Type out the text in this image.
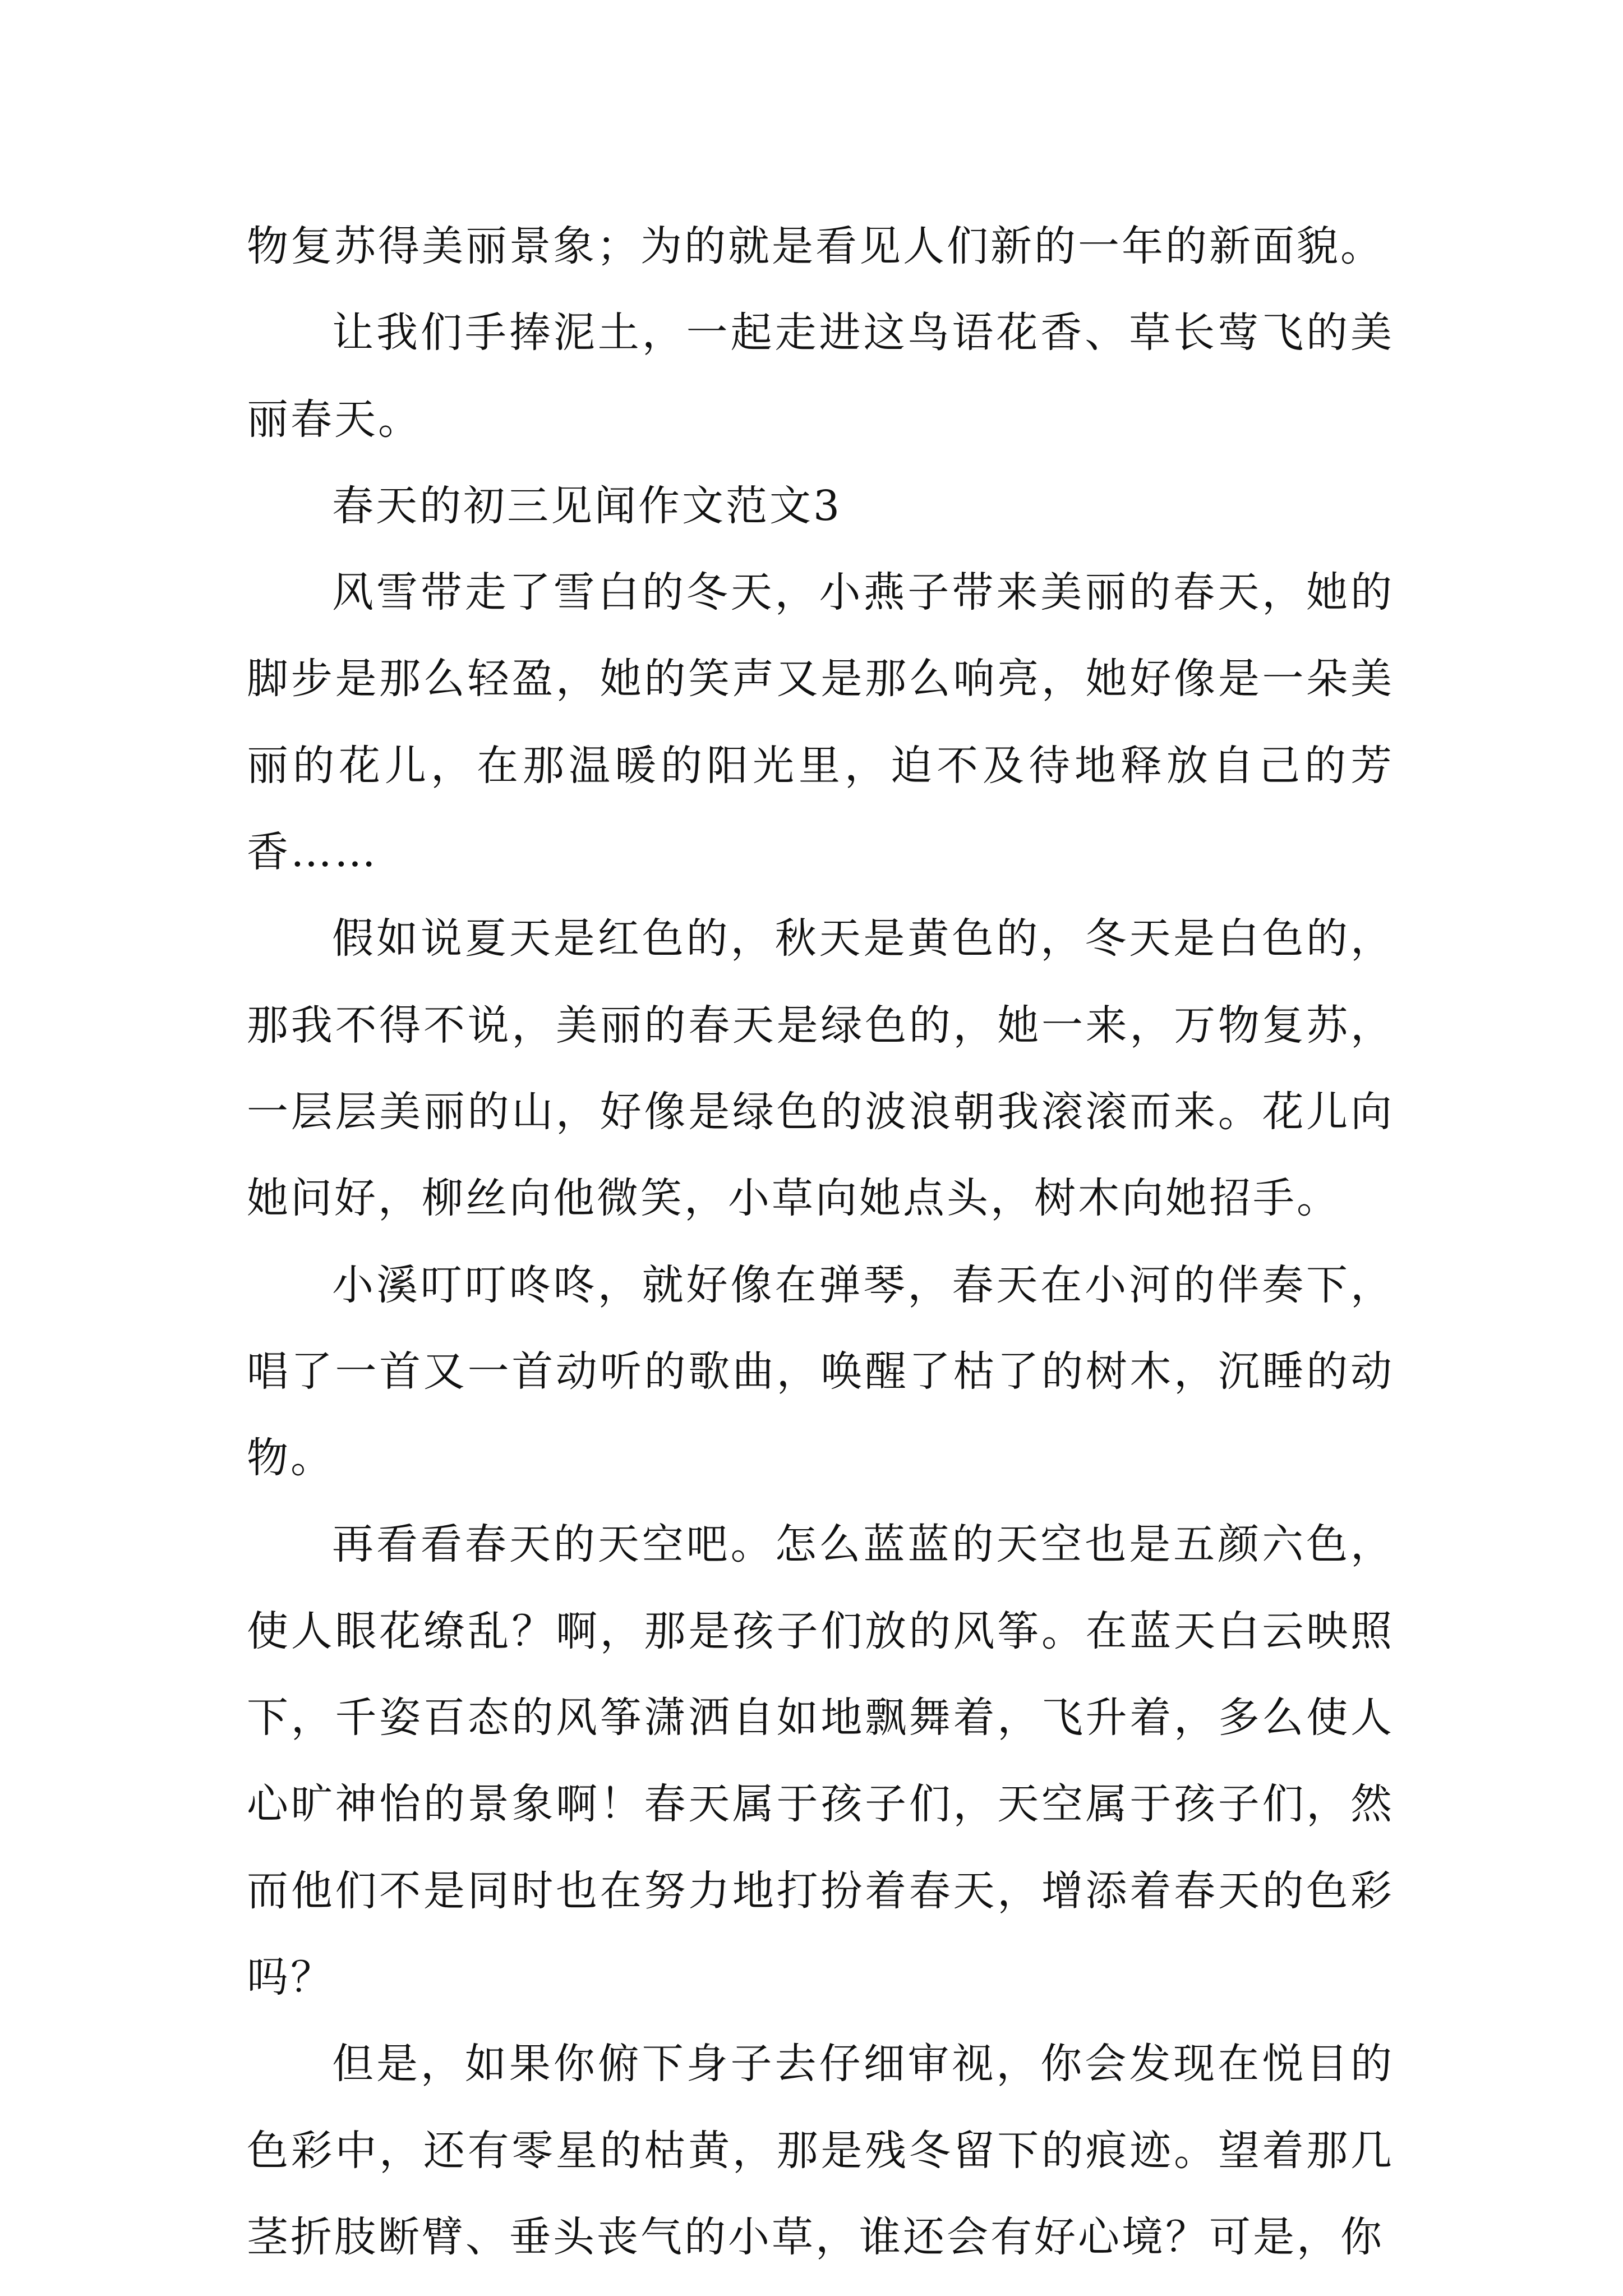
物复苏得美丽景象；为的就是看见人们新的一年的新面貌。

让我们手捧泥土，一起走进这鸟语花香、草长莺飞的美丽春天。

春天的初三见闻作文范文3

风雪带走了雪白的冬天，小燕子带来美丽的春天，她的脚步是那么轻盈，她的笑声又是那么响亮，她好像是一朵美丽的花儿，在那温暖的阳光里，迫不及待地释放自己的芳香……

假如说夏天是红色的，秋天是黄色的，冬天是白色的，那我不得不说，美丽的春天是绿色的，她一来，万物复苏，一层层美丽的山，好像是绿色的波浪朝我滚滚而来。花儿向她问好，柳丝向他微笑，小草向她点头，树木向她招手。

小溪叮叮咚咚，就好像在弹琴，春天在小河的伴奏下，唱了一首又一首动听的歌曲，唤醒了枯了的树木，沉睡的动物。

再看看春天的天空吧。怎么蓝蓝的天空也是五颜六色，使人眼花缭乱？啊，那是孩子们放的风筝。在蓝天白云映照下，千姿百态的风筝潇洒自如地飘舞着，飞升着，多么使人心旷神怡的景象啊！春天属于孩子们，天空属于孩子们，然而他们不是同时也在努力地打扮着春天，增添着春天的色彩吗？

但是，如果你俯下身子去仔细审视，你会发现在悦目的色彩中，还有零星的枯黄，那是残冬留下的痕迹。望着那几茎折肢断臂、垂头丧气的小草，谁还会有好心境？可是，你
